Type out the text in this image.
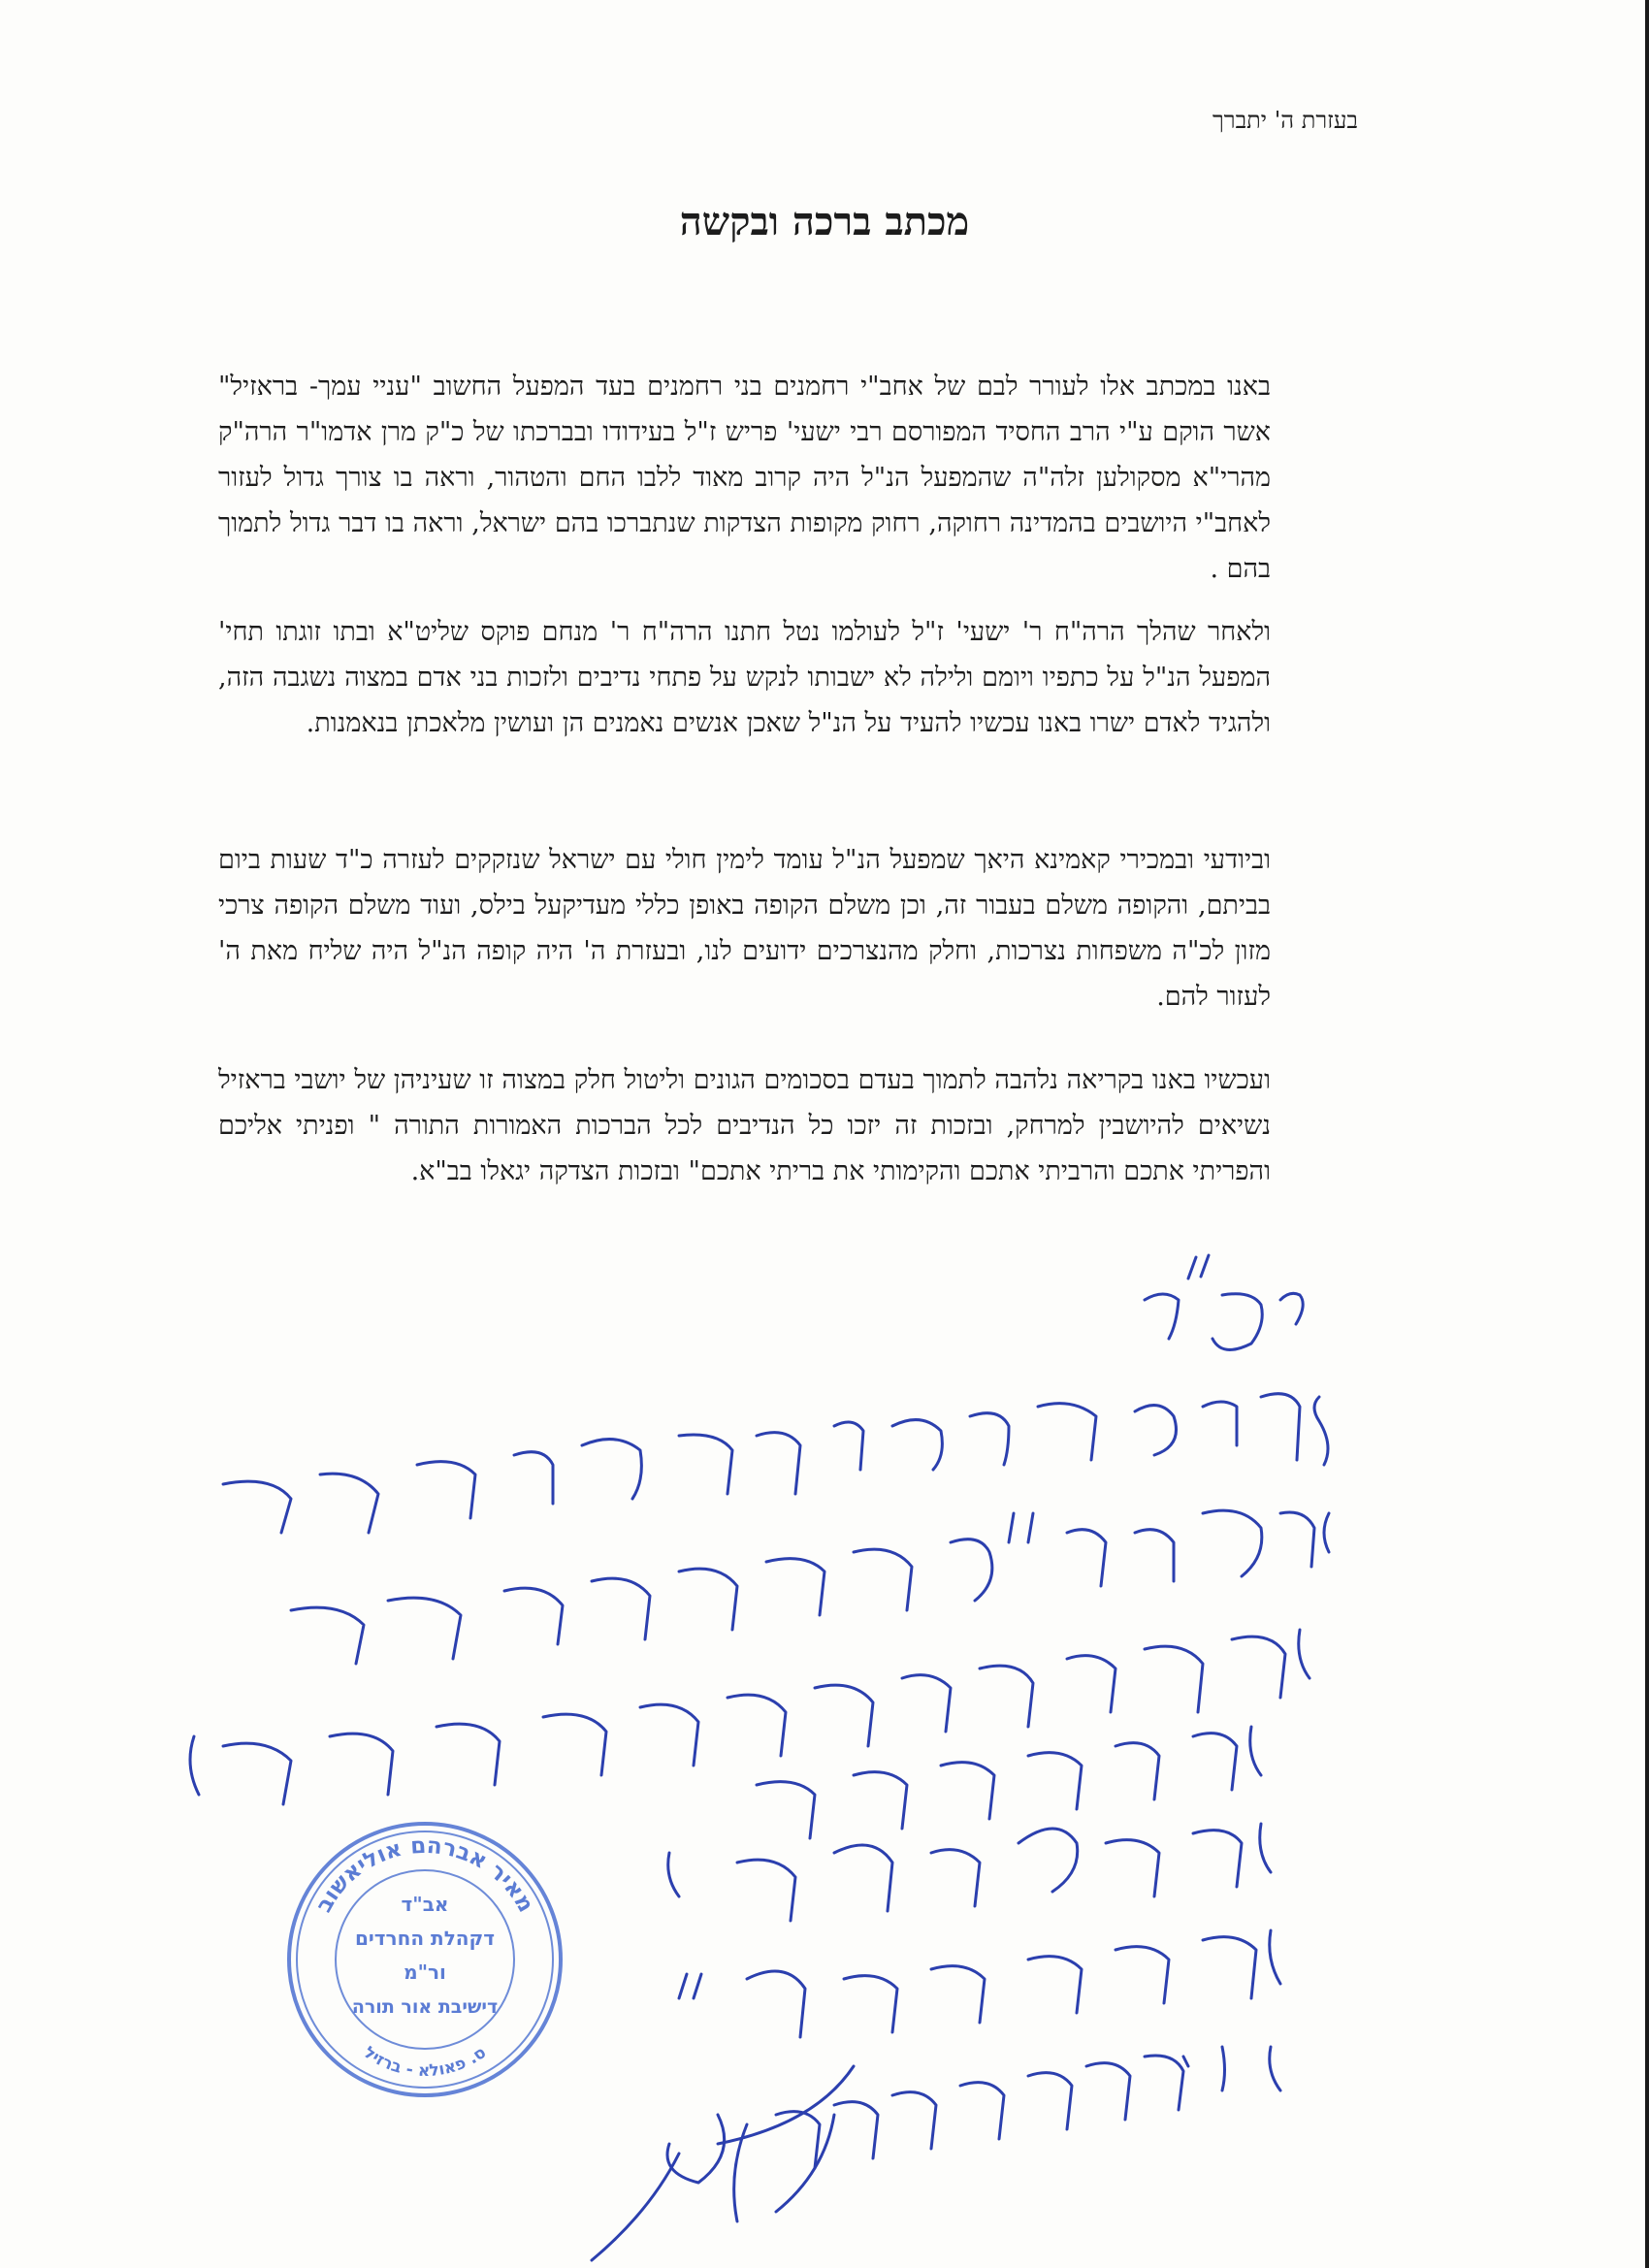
בעזרת ה' יתברך
מכתב ברכה ובקשה

באנו במכתב אלו לעורר לבם של אחב"י רחמנים בני רחמנים בעד המפעל החשוב "עניי עמך- בראזיל" אשר הוקם ע"י הרב החסיד המפורסם רבי ישעי' פריש ז"ל בעידודו ובברכתו של כ"ק מרן אדמו"ר הרה"ק מהרי"א מסקולען זלה"ה שהמפעל הנ"ל היה קרוב מאוד ללבו החם והטהור, וראה בו צורך גדול לעזור לאחב"י היושבים בהמדינה רחוקה, רחוק מקופות הצדקות שנתברכו בהם ישראל, וראה בו דבר גדול לתמוך בהם .

ולאחר שהלך הרה"ח ר' ישעי' ז"ל לעולמו נטל חתנו הרה"ח ר' מנחם פוקס שליט"א ובתו זוגתו תחי' המפעל הנ"ל על כתפיו ויומם ולילה לא ישבותו לנקש על פתחי נדיבים ולזכות בני אדם במצוה נשגבה הזה, ולהגיד לאדם ישרו באנו עכשיו להעיד על הנ"ל שאכן אנשים נאמנים הן ועושין מלאכתן בנאמנות.

וביודעי ובמכירי קאמינא היאך שמפעל הנ"ל עומד לימין חולי עם ישראל שנזקקים לעזרה כ"ד שעות ביום בביתם, והקופה משלם בעבור זה, וכן משלם הקופה באופן כללי מעדיקעל בילס, ועוד משלם הקופה צרכי מזון לכ"ה משפחות נצרכות, וחלק מהנצרכים ידועים לנו, ובעזרת ה' היה קופה הנ"ל היה שליח מאת ה' לעזור להם.

ועכשיו באנו בקריאה נלהבה לתמוך בעדם בסכומים הגונים וליטול חלק במצוה זו שעיניהן של יושבי בראזיל נשיאים להיושבין למרחק, ובזכות זה יזכו כל הנדיבים לכל הברכות האמורות התורה " ופניתי אליכם והפריתי אתכם והרביתי אתכם והקימותי את בריתי אתכם" ובזכות הצדקה יגאלו בב"א.

מאיר אברהם אוליאשוב
ס. פאולא - ברזיל
אב"ד
דקהלת החרדים
ור"מ
דישיבת אור תורה
